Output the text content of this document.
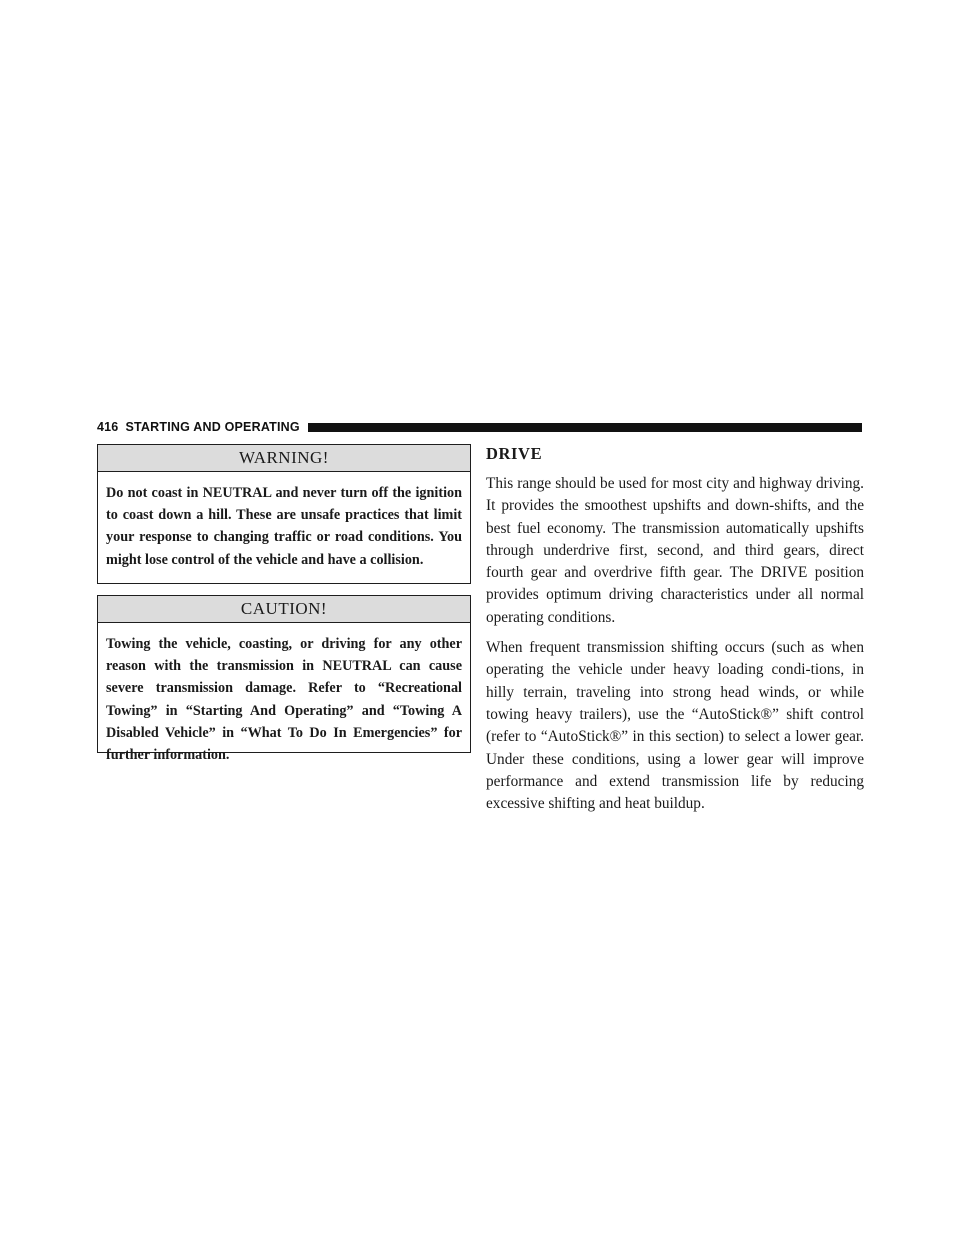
416 STARTING AND OPERATING
WARNING!
Do not coast in NEUTRAL and never turn off the ignition to coast down a hill. These are unsafe practices that limit your response to changing traffic or road conditions. You might lose control of the vehicle and have a collision.
CAUTION!
Towing the vehicle, coasting, or driving for any other reason with the transmission in NEUTRAL can cause severe transmission damage. Refer to “Recreational Towing” in “Starting And Operating” and “Towing A Disabled Vehicle” in “What To Do In Emergencies” for further information.
DRIVE

This range should be used for most city and highway driving. It provides the smoothest upshifts and down-shifts, and the best fuel economy. The transmission automatically upshifts through underdrive first, second, and third gears, direct fourth gear and overdrive fifth gear. The DRIVE position provides optimum driving characteristics under all normal operating conditions.

When frequent transmission shifting occurs (such as when operating the vehicle under heavy loading condi-tions, in hilly terrain, traveling into strong head winds, or while towing heavy trailers), use the “AutoStick®” shift control (refer to “AutoStick®” in this section) to select a lower gear. Under these conditions, using a lower gear will improve performance and extend transmission life by reducing excessive shifting and heat buildup.
